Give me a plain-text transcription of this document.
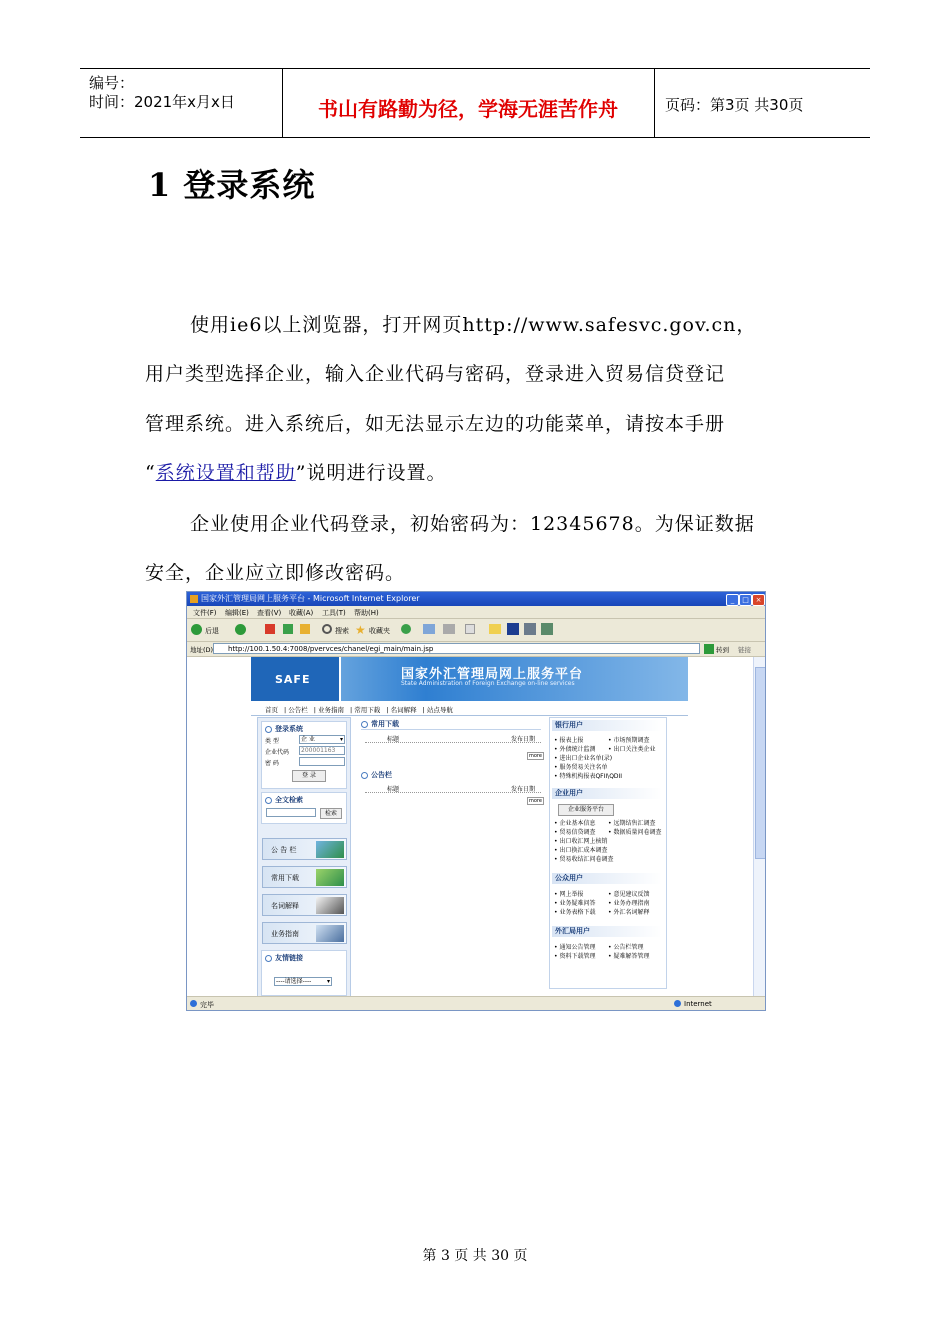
编号：
时间：2021年x月x日	书山有路勤为径，学海无涯苦作舟	页码：第3页 共30页
1 登录系统
使用ie6以上浏览器，打开网页http://www.safesvc.gov.cn，
用户类型选择企业，输入企业代码与密码，登录进入贸易信贷登记
管理系统。进入系统后，如无法显示左边的功能菜单，请按本手册
“系统设置和帮助”说明进行设置。
企业使用企业代码登录，初始密码为：12345678。为保证数据
安全，企业应立即修改密码。
国家外汇管理局网上服务平台 - Microsoft Internet Explorer	_	□ ×
文件(F) 编辑(E) 查看(V) 收藏(A) 工具(T) 帮助(H)
后退	搜索 ★ 收藏夹
地址(D)	http://100.1.50.4:7008/pvervces/chanel/egi_main/main.jsp	转到 链接
SAFE	国家外汇管理局网上服务平台
State Administration of Foreign Exchange on-line services
首页 | 公告栏 | 业务指南 | 常用下载 | 名词解释 | 站点导航
登录系统
类 型	企 业	▾
企业代码	200001163
密 码
登 录
全文检索
检索
公 告 栏
常用下载
名词解释
业务指南
友情链接
----请选择----	▾
常用下载
标题	发布日期
more
公告栏
标题	发布日期
more
银行用户
• 报表上报	• 市场预期调查
• 外债统计监测 • 出口关注类企业
• 进出口企业名单(录)
• 服务贸易关注名单
• 特殊机构报表QFII\QDII
企业用户
企业服务平台
• 企业基本信息 • 远期结售汇调查
• 贸易信贷调查 • 数据质量问卷调查
• 出口收汇网上核销
• 出口换汇成本调查
• 贸易收结汇问卷调查
公众用户
• 网上举报	• 意见建议反馈
• 业务疑难问答 • 业务办理指南
• 业务表格下载 • 外汇名词解释
外汇局用户
• 通知公告管理 • 公告栏管理
• 资料下载管理 • 疑难解答管理
完毕	Internet
第 3 页 共 30 页
